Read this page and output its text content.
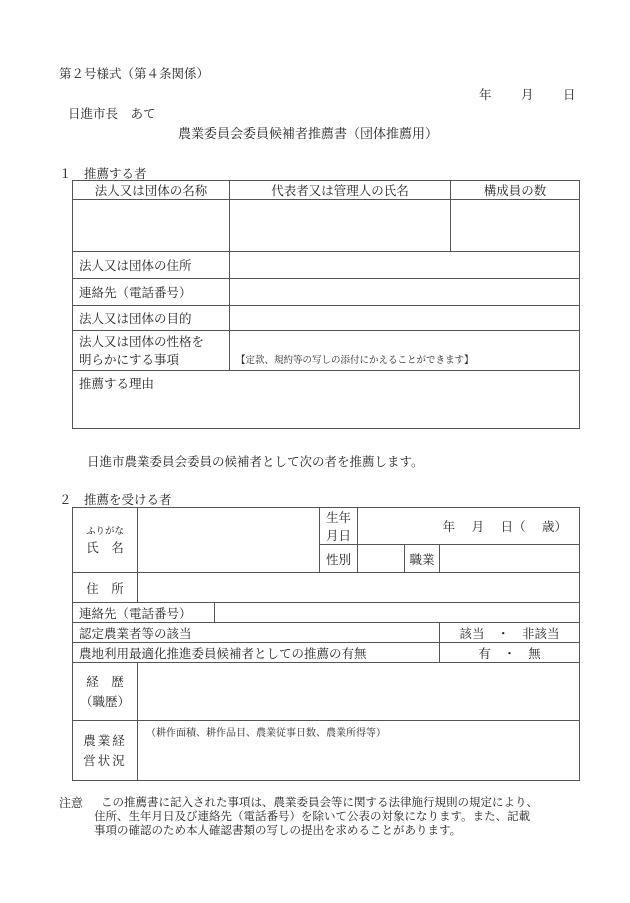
第２号様式（第４条関係）
年 月 日
日進市長　あて
農業委員会委員候補者推薦書（団体推薦用）
１　推薦する者
法人又は団体の名称	代表者又は管理人の氏名	構成員の数

法人又は団体の住所		
連絡先（電話番号）		
法人又は団体の目的		

法人又は団体の性格を
明らかにする事項	【定款、規約等の写しの添付にかえることができます】	
推薦する理由		
日進市農業委員会委員の候補者として次の者を推薦します。
２　推薦を受ける者
ふりがな
氏　名			生年月日	年　 月　 日（　 歳）		
			性別		職業	
住　所						
連絡先（電話番号）						
認定農業者等の該当						該当　・　非該当
農地利用最適化推進委員候補者としての推薦の有無						有　・　無

経　歴
（職歴）						

農業経
営状況	（耕作面積、耕作品目、農業従事日数、農業所得等）					
注意 この推薦書に記入された事項は、農業委員会等に関する法律施行規則の規定により、
住所、生年月日及び連絡先（電話番号）を除いて公表の対象になります。また、記載
事項の確認のため本人確認書類の写しの提出を求めることがあります。
